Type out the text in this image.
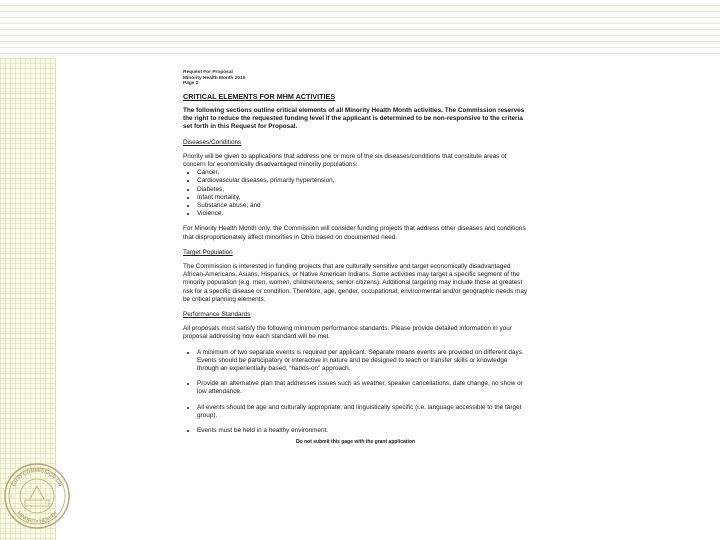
OHIO COMMISSION ON
MINORITY HEALTH
Request For Proposal
Minority Health Month 2010
Page 2
CRITICAL ELEMENTS FOR MHM ACTIVITIES

The following sections outline critical elements of all Minority Health Month activities. The Commission reserves the right to reduce the requested funding level if the applicant is determined to be non-responsive to the criteria set forth in this Request for Proposal.

Diseases/Conditions

Priority will be given to applications that address one or more of the six diseases/conditions that constitute areas of concern for economically disadvantaged minority populations:

• Cancer,
• Cardiovascular diseases, primarily hypertension,
• Diabetes,
• Infant mortality,
• Substance abuse; and
• Violence.

For Minority Health Month only, the Commission will consider funding projects that address other diseases and conditions that disproportionately affect minorities in Ohio based on documented need.

Target Population

The Commission is interested in funding projects that are culturally sensitive and target economically disadvantaged African-Americans, Asians, Hispanics, or Native American Indians. Some activities may target a specific segment of the minority population (e.g. men, women, children/teens, senior citizens). Additional targeting may include those at greatest risk for a specific disease or condition. Therefore, age, gender, occupational, environmental and/or geographic needs may be critical planning elements.

Performance Standards

All proposals must satisfy the following minimum performance standards. Please provide detailed information in your proposal addressing how each standard will be met.

• A minimum of two separate events is required per applicant. Separate means events are provided on different days. Events should be participatory or interactive in nature and be designed to teach or transfer skills or knowledge through an experientially based, “hands-on” approach.
• Provide an alternative plan that addresses issues such as weather, speaker cancellations, date change, no show or low attendance.
• All events should be age and culturally appropriate, and linguistically specific (i.e. language accessible to the target group).
• Events must be held in a healthy environment.
Do not submit this page with the grant application
